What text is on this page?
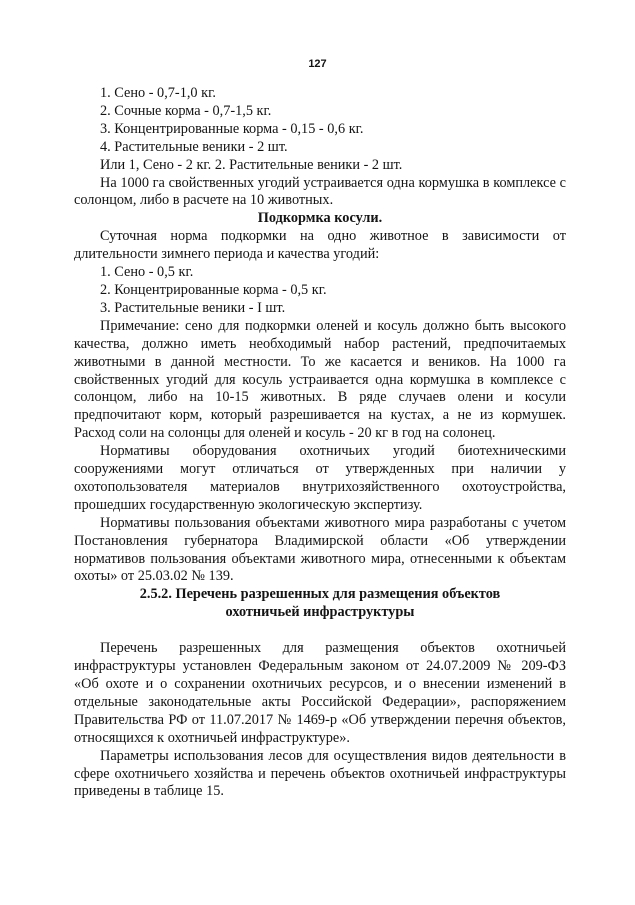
127
1. Сено - 0,7-1,0 кг.
2. Сочные корма - 0,7-1,5 кг.
3. Концентрированные корма - 0,15 - 0,6 кг.
4. Растительные веники - 2 шт.
Или 1, Сено - 2 кг. 2. Растительные веники - 2 шт.
На 1000 га свойственных угодий устраивается одна кормушка в комплексе с солонцом, либо в расчете на 10 животных.
Подкормка косули.
Суточная норма подкормки на одно животное в зависимости от длительности зимнего периода и качества угодий:
1. Сено - 0,5 кг.
2. Концентрированные корма - 0,5 кг.
3. Растительные веники - I шт.
Примечание: сено для подкормки оленей и косуль должно быть высокого качества, должно иметь необходимый набор растений, предпочитаемых животными в данной местности. То же касается и веников. На 1000 га свойственных угодий для косуль устраивается одна кормушка в комплексе с солонцом, либо на 10-15 животных. В ряде случаев олени и косули предпочитают корм, который разрешивается на кустах, а не из кормушек. Расход соли на солонцы для оленей и косуль - 20 кг в год на солонец.
Нормативы оборудования охотничьих угодий биотехническими сооружениями могут отличаться от утвержденных при наличии у охотопользователя материалов внутрихозяйственного охотоустройства, прошедших государственную экологическую экспертизу.
Нормативы пользования объектами животного мира разработаны с учетом Постановления губернатора Владимирской области «Об утверждении нормативов пользования объектами животного мира, отнесенными к объектам охоты» от 25.03.02 № 139.
2.5.2. Перечень разрешенных для размещения объектов
охотничьей инфраструктуры
Перечень разрешенных для размещения объектов охотничьей инфраструктуры установлен Федеральным законом от 24.07.2009 № 209-ФЗ «Об охоте и о сохранении охотничьих ресурсов, и о внесении изменений в отдельные законодательные акты Российской Федерации», распоряжением Правительства РФ от 11.07.2017 № 1469-р «Об утверждении перечня объектов, относящихся к охотничьей инфраструктуре».
Параметры использования лесов для осуществления видов деятельности в сфере охотничьего хозяйства и перечень объектов охотничьей инфраструктуры приведены в таблице 15.
